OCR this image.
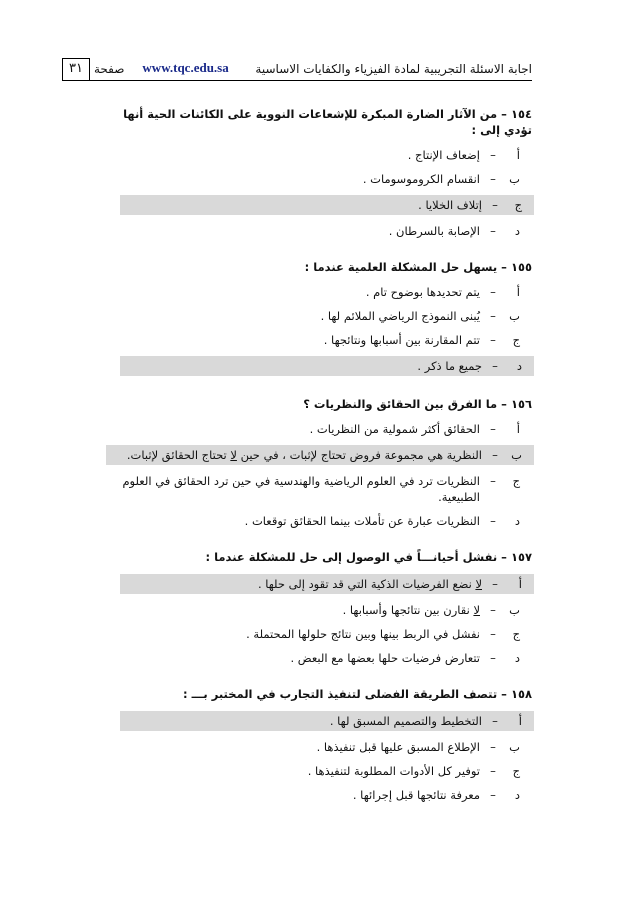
اجابة الاسئلة التجريبية لمادة الفيزياء والكفايات الاساسية
www.tqc.edu.sa
صفحة
٣١
١٥٤ – من الآثار الضارة المبكرة للإشعاعات النووية على الكائنات الحية أنها تؤدي إلى :
أ
–
إضعاف الإنتاج .
ب
–
انقسام الكروموسومات .
ج
–
إتلاف الخلايا .
د
–
الإصابة بالسرطان .
١٥٥ – يسهل حل المشكلة العلمية عندما :
أ
–
يتم تحديدها بوضوح تام .
ب
–
يُبنى النموذج الرياضي الملائم لها .
ج
–
تتم المقارنة بين أسبابها ونتائجها .
د
–
جميع ما ذكر .
١٥٦ – ما الفرق بين الحقائق والنظريات ؟
أ
–
الحقائق أكثر شمولية من النظريات .
ب
–
النظرية هي مجموعة فروض تحتاج لإثبات ، في حين لا تحتاج الحقائق لإثبات.
ج
–
النظريات ترد في العلوم الرياضية والهندسية في حين ترد الحقائق في العلوم الطبيعية.
د
–
النظريات عبارة عن تأملات بينما الحقائق توقعات .
١٥٧ – نفشل أحيانـــاً في الوصول إلى حل للمشكلة عندما :
أ
–
لا نضع الفرضيات الذكية التي قد تقود إلى حلها .
ب
–
لا نقارن بين نتائجها وأسبابها .
ج
–
نفشل في الربط بينها وبين نتائج حلولها المحتملة .
د
–
تتعارض فرضيات حلها بعضها مع البعض .
١٥٨ – تتصف الطريقة الفضلى لتنفيذ التجارب في المختبر بـــ :
أ
–
التخطيط والتصميم المسبق لها .
ب
–
الإطلاع المسبق عليها قبل تنفيذها .
ج
–
توفير كل الأدوات المطلوبة لتنفيذها .
د
–
معرفة نتائجها قبل إجرائها .
